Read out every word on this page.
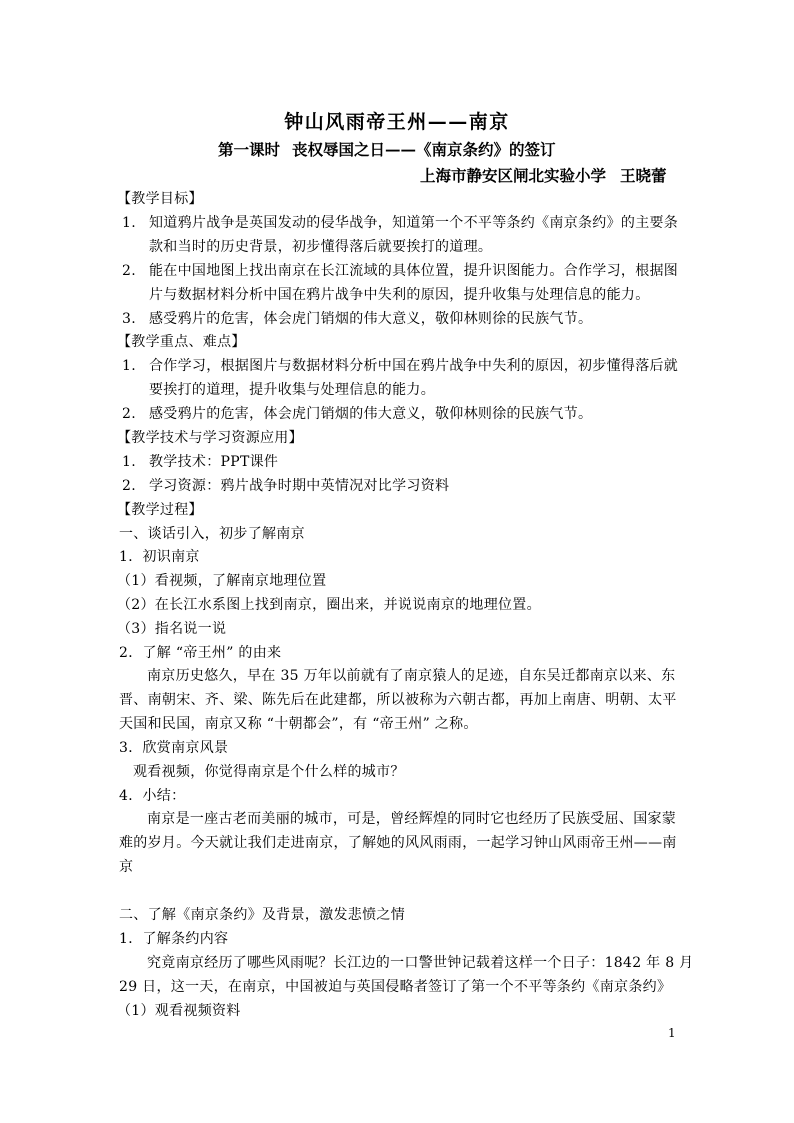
钟山风雨帝王州——南京
第一课时 丧权辱国之日——《南京条约》的签订
上海市静安区闸北实验小学 王晓蕾
【教学目标】
1. 知道鸦片战争是英国发动的侵华战争，知道第一个不平等条约《南京条约》的主要条
款和当时的历史背景，初步懂得落后就要挨打的道理。
2. 能在中国地图上找出南京在长江流域的具体位置，提升识图能力。合作学习，根据图
片与数据材料分析中国在鸦片战争中失利的原因，提升收集与处理信息的能力。
3. 感受鸦片的危害，体会虎门销烟的伟大意义，敬仰林则徐的民族气节。
【教学重点、难点】
1. 合作学习，根据图片与数据材料分析中国在鸦片战争中失利的原因，初步懂得落后就
要挨打的道理，提升收集与处理信息的能力。
2. 感受鸦片的危害，体会虎门销烟的伟大意义，敬仰林则徐的民族气节。
【教学技术与学习资源应用】
1. 教学技术：PPT课件
2. 学习资源：鸦片战争时期中英情况对比学习资料
【教学过程】
一、谈话引入，初步了解南京
1．初识南京
（1）看视频，了解南京地理位置
（2）在长江水系图上找到南京，圈出来，并说说南京的地理位置。
（3）指名说一说
2．了解 “帝王州” 的由来
南京历史悠久，早在 35 万年以前就有了南京猿人的足迹，自东吴迁都南京以来、东
晋、南朝宋、齐、梁、陈先后在此建都，所以被称为六朝古都，再加上南唐、明朝、太平
天国和民国，南京又称 “十朝都会”，有 “帝王州” 之称。
3．欣赏南京风景
观看视频，你觉得南京是个什么样的城市？
4．小结：
南京是一座古老而美丽的城市，可是，曾经辉煌的同时它也经历了民族受屈、国家蒙
难的岁月。今天就让我们走进南京，了解她的风风雨雨，一起学习钟山风雨帝王州——南
京
二、了解《南京条约》及背景，激发悲愤之情
1．了解条约内容
究竟南京经历了哪些风雨呢？长江边的一口警世钟记载着这样一个日子：1842 年 8 月
29 日，这一天，在南京，中国被迫与英国侵略者签订了第一个不平等条约《南京条约》
（1）观看视频资料
1
